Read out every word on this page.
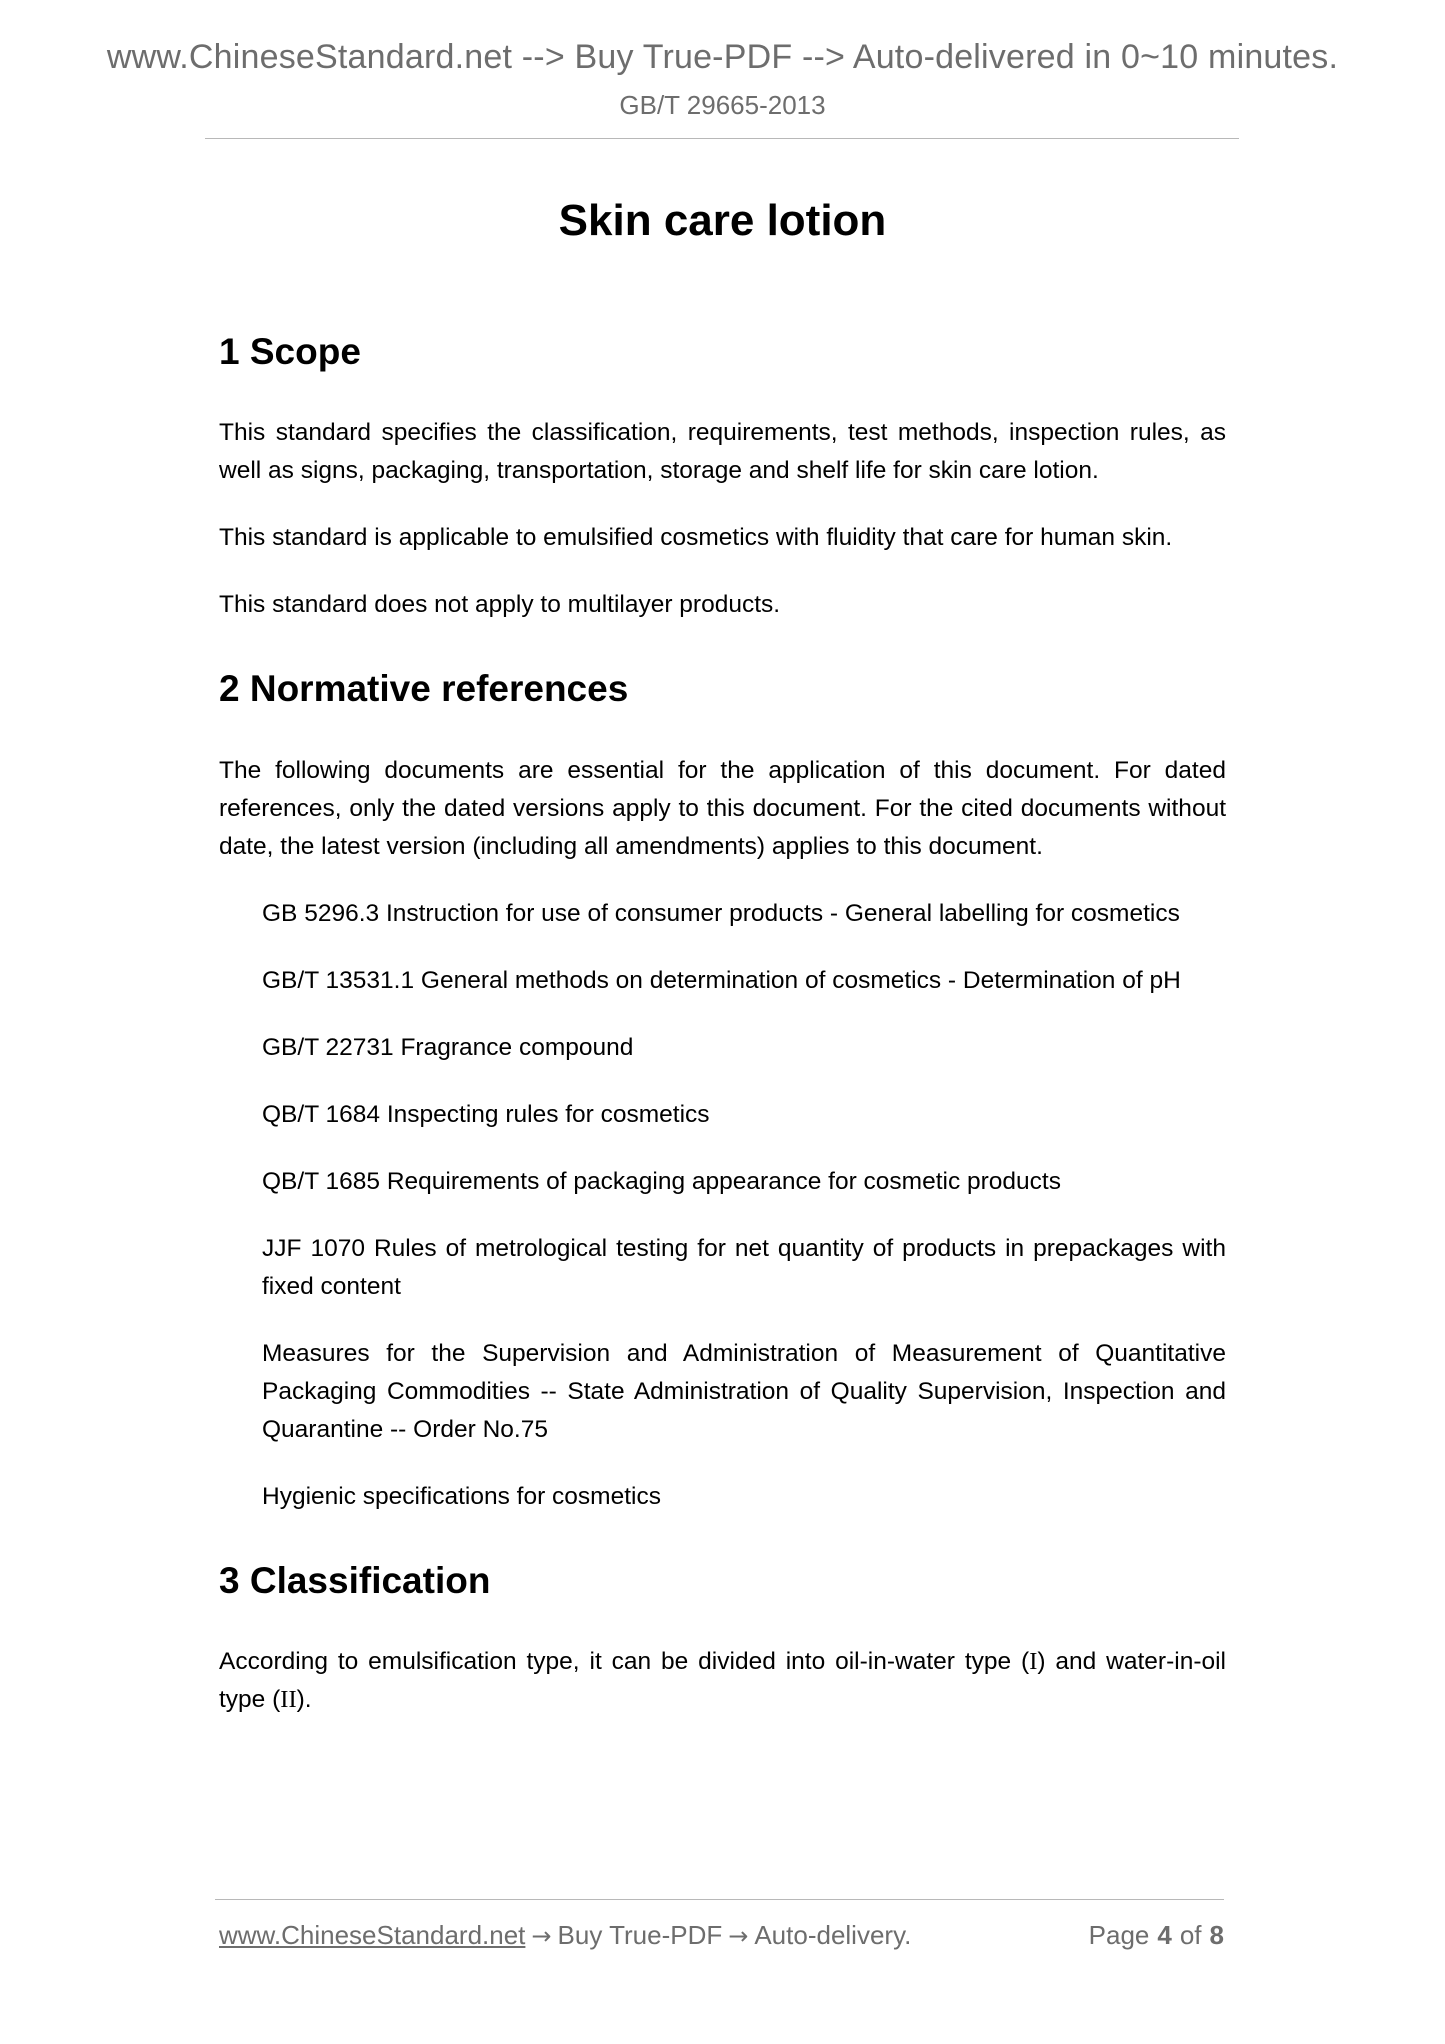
www.ChineseStandard.net --> Buy True-PDF --> Auto-delivered in 0~10 minutes.
GB/T 29665-2013
Skin care lotion
1 Scope

This standard specifies the classification, requirements, test methods, inspection rules, as well as signs, packaging, transportation, storage and shelf life for skin care lotion.

This standard is applicable to emulsified cosmetics with fluidity that care for human skin.

This standard does not apply to multilayer products.

2 Normative references

The following documents are essential for the application of this document. For dated references, only the dated versions apply to this document. For the cited documents without date, the latest version (including all amendments) applies to this document.

GB 5296.3 Instruction for use of consumer products - General labelling for cosmetics

GB/T 13531.1 General methods on determination of cosmetics - Determination of pH

GB/T 22731 Fragrance compound

QB/T 1684 Inspecting rules for cosmetics

QB/T 1685 Requirements of packaging appearance for cosmetic products

JJF 1070 Rules of metrological testing for net quantity of products in prepackages with fixed content

Measures for the Supervision and Administration of Measurement of Quantitative Packaging Commodities -- State Administration of Quality Supervision, Inspection and Quarantine -- Order No.75

Hygienic specifications for cosmetics

3 Classification

According to emulsification type, it can be divided into oil-in-water type (I) and water-in-oil type (II).

www.ChineseStandard.net → Buy True-PDF → Auto-delivery.	Page 4 of 8
